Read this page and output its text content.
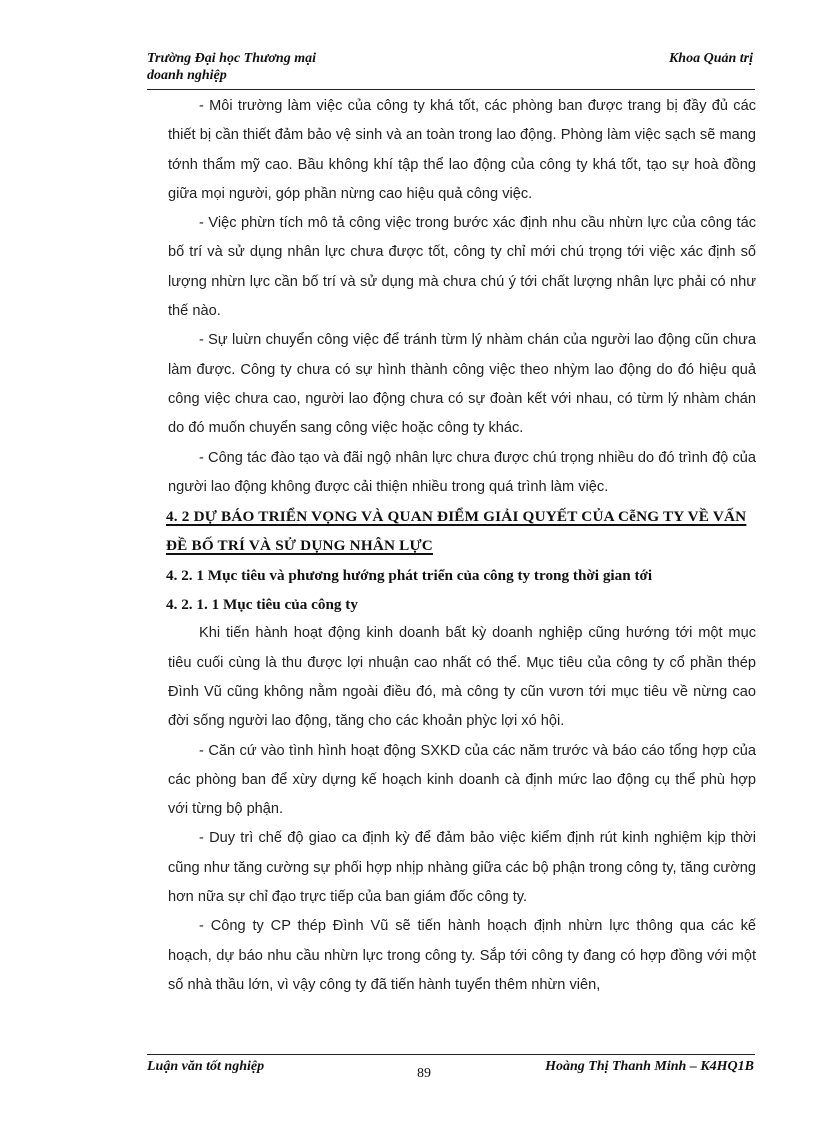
Trường Đại học Thương mại
doanh nghiệp
Khoa Quản trị

- Môi trường làm việc của công ty khá tốt, các phòng ban được trang bị đầy đủ các thiết bị cần thiết đảm bảo vệ sinh và an toàn trong lao động. Phòng làm việc sạch sẽ mang tớnh thẩm mỹ cao. Bầu không khí tập thể lao động của công ty khá tốt, tạo sự hoà đồng giữa mọi người, góp phần nừng cao hiệu quả công việc.

- Việc phừn tích mô tả công việc trong bước xác định nhu cầu nhừn lực của công tác bố trí và sử dụng nhân lực chưa được tốt, công ty chỉ mới chú trọng tới việc xác định số lượng nhừn lực cần bố trí và sử dụng mà chưa chú ý tới chất lượng nhân lực phải có như thế nào.

- Sự luừn chuyển công việc để tránh từm lý nhàm chán của người lao động cũn chưa làm được. Công ty chưa có sự hình thành công việc theo nhỳm lao động do đó hiệu quả công việc chưa cao, người lao động chưa có sự đoàn kết với nhau, có từm lý nhàm chán do đó muốn chuyển sang công việc hoặc công ty khác.

- Công tác đào tạo và đãi ngộ nhân lực chưa được chú trọng nhiều do đó trình độ của người lao động không được cải thiện nhiều trong quá trình làm việc.

4. 2 DỰ BÁO TRIỂN VỌNG VÀ QUAN ĐIỂM GIẢI QUYẾT CỦA CễNG TY VỀ VẤN ĐỀ BỐ TRÍ VÀ SỬ DỤNG NHÂN LỰC

4. 2. 1 Mục tiêu và phương hướng phát triển của công ty trong thời gian tới

4. 2. 1. 1 Mục tiêu của công ty

Khi tiến hành hoạt động kinh doanh bất kỳ doanh nghiệp cũng hướng tới một mục tiêu cuối cùng là thu được lợi nhuận cao nhất có thể. Mục tiêu của công ty cổ phần thép Đình Vũ cũng không nằm ngoài điều đó, mà công ty cũn vươn tới mục tiêu về nừng cao đời sống người lao động, tăng cho các khoản phỳc lợi xó hội.

- Căn cứ vào tình hình hoạt động SXKD của các năm trước và báo cáo tổng hợp của các phòng ban để xừy dựng kế hoạch kinh doanh cà định mức lao động cụ thể phù hợp với từng bộ phận.

- Duy trì chế độ giao ca định kỳ để đảm bảo việc kiểm định rút kinh nghiệm kịp thời cũng như tăng cường sự phối hợp nhịp nhàng giữa các bộ phận trong công ty, tăng cường hơn nữa sự chỉ đạo trực tiếp của ban giám đốc công ty.

- Công ty CP thép Đình Vũ sẽ tiến hành hoạch định nhừn lực thông qua các kế hoạch, dự báo nhu cầu nhừn lực trong công ty. Sắp tới công ty đang có hợp đồng với một số nhà thầu lớn, vì vậy công ty đã tiến hành tuyển thêm nhừn viên,

Luận văn tốt nghiệp	89	Hoàng Thị Thanh Minh – K4HQ1B
